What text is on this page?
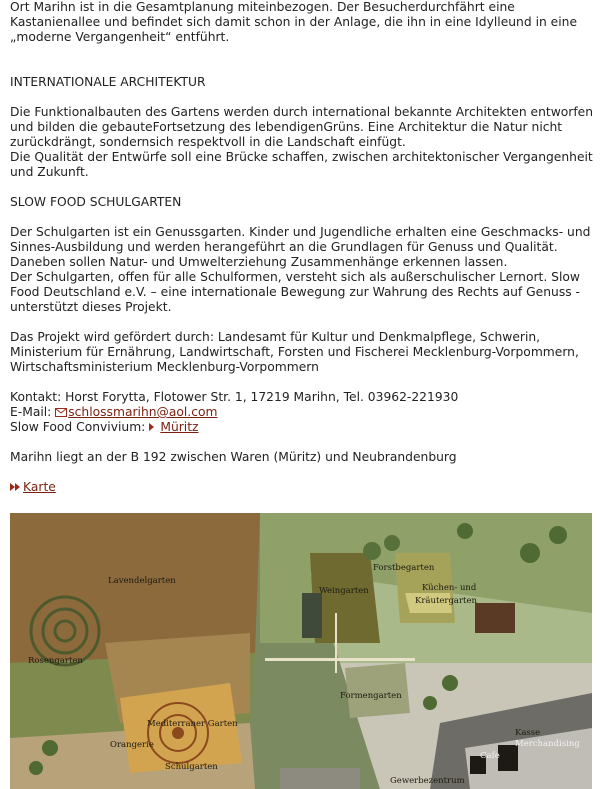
Ort Marihn ist in die Gesamtplanung miteinbezogen. Der Besucherdurchfährt eine Kastanienallee und befindet sich damit schon in der Anlage, die ihn in eine Idylleund in eine „moderne Vergangenheit“ entführt.

INTERNATIONALE ARCHITEKTUR

Die Funktionalbauten des Gartens werden durch international bekannte Architekten entworfen und bilden die gebauteFortsetzung des lebendigenGrüns. Eine Architektur die Natur nicht zurückdrängt, sondernsich respektvoll in die Landschaft einfügt.

Die Qualität der Entwürfe soll eine Brücke schaffen, zwischen architektonischer Vergangenheit und Zukunft.

SLOW FOOD SCHULGARTEN

Der Schulgarten ist ein Genussgarten. Kinder und Jugendliche erhalten eine Geschmacks- und Sinnes-Ausbildung und werden herangeführt an die Grundlagen für Genuss und Qualität. Daneben sollen Natur- und Umwelterziehung Zusammenhänge erkennen lassen.

Der Schulgarten, offen für alle Schulformen, versteht sich als außerschulischer Lernort. Slow Food Deutschland e.V. – eine internationale Bewegung zur Wahrung des Rechts auf Genuss - unterstützt dieses Projekt.

Das Projekt wird gefördert durch: Landesamt für Kultur und Denkmalpflege, Schwerin, Ministerium für Ernährung, Landwirtschaft, Forsten und Fischerei Mecklenburg-Vorpommern, Wirtschaftsministerium Mecklenburg-Vorpommern

Kontakt: Horst Forytta, Flotower Str. 1, 17219 Marihn, Tel. 03962-221930

E-Mail: schlossmarihn@aol.com

Slow Food Convivium: Müritz

Marihn liegt an der B 192 zwischen Waren (Müritz) und Neubrandenburg

Karte

Lavendelgarten
Rosengarten
Weingarten
Forstbegarten
Küchen- und
Kräutergarten
Formengarten
Mediterraner Garten
Orangerie
Schulgarten
Kasse
Merchandising
Cafe
Gewerbezentrum
